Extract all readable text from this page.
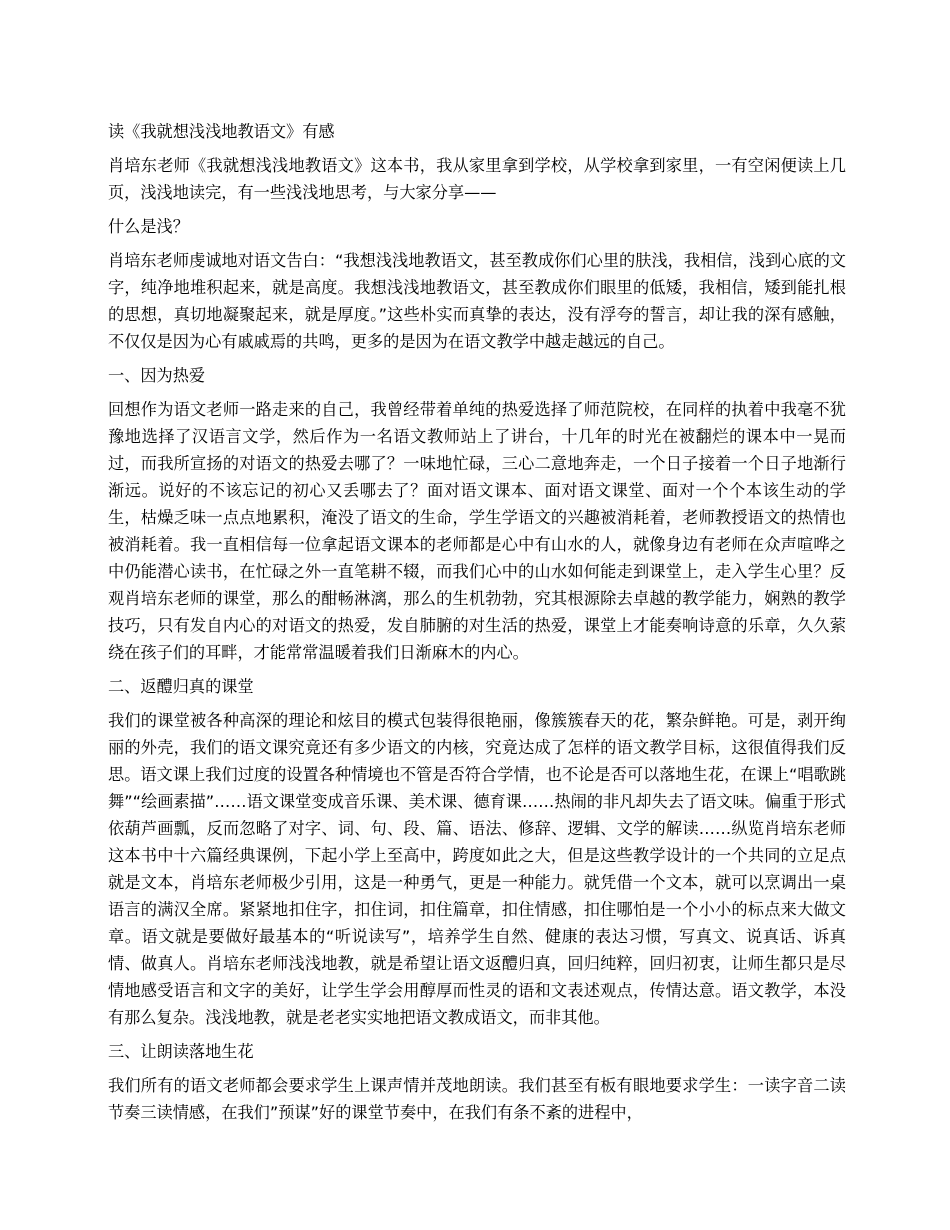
读《我就想浅浅地教语文》有感

肖培东老师《我就想浅浅地教语文》这本书，我从家里拿到学校，从学校拿到家里，一有空闲便读上几页，浅浅地读完，有一些浅浅地思考，与大家分享——

什么是浅？

肖培东老师虔诚地对语文告白：“我想浅浅地教语文，甚至教成你们心里的肤浅，我相信，浅到心底的文字，纯净地堆积起来，就是高度。我想浅浅地教语文，甚至教成你们眼里的低矮，我相信，矮到能扎根的思想，真切地凝聚起来，就是厚度。”这些朴实而真挚的表达，没有浮夸的誓言，却让我的深有感触，不仅仅是因为心有戚戚焉的共鸣，更多的是因为在语文教学中越走越远的自己。

一、因为热爱

回想作为语文老师一路走来的自己，我曾经带着单纯的热爱选择了师范院校，在同样的执着中我毫不犹豫地选择了汉语言文学，然后作为一名语文教师站上了讲台，十几年的时光在被翻烂的课本中一晃而过，而我所宣扬的对语文的热爱去哪了？一味地忙碌，三心二意地奔走，一个日子接着一个日子地渐行渐远。说好的不该忘记的初心又丢哪去了？面对语文课本、面对语文课堂、面对一个个本该生动的学生，枯燥乏味一点点地累积，淹没了语文的生命，学生学语文的兴趣被消耗着，老师教授语文的热情也被消耗着。我一直相信每一位拿起语文课本的老师都是心中有山水的人，就像身边有老师在众声喧哗之中仍能潜心读书，在忙碌之外一直笔耕不辍，而我们心中的山水如何能走到课堂上，走入学生心里？反观肖培东老师的课堂，那么的酣畅淋漓，那么的生机勃勃，究其根源除去卓越的教学能力，娴熟的教学技巧，只有发自内心的对语文的热爱，发自肺腑的对生活的热爱，课堂上才能奏响诗意的乐章，久久萦绕在孩子们的耳畔，才能常常温暖着我们日渐麻木的内心。

二、返醴归真的课堂

我们的课堂被各种高深的理论和炫目的模式包装得很艳丽，像簇簇春天的花，繁杂鲜艳。可是，剥开绚丽的外壳，我们的语文课究竟还有多少语文的内核，究竟达成了怎样的语文教学目标，这很值得我们反思。语文课上我们过度的设置各种情境也不管是否符合学情，也不论是否可以落地生花，在课上“唱歌跳舞”“绘画素描”……语文课堂变成音乐课、美术课、德育课……热闹的非凡却失去了语文味。偏重于形式依葫芦画瓢，反而忽略了对字、词、句、段、篇、语法、修辞、逻辑、文学的解读……纵览肖培东老师这本书中十六篇经典课例，下起小学上至高中，跨度如此之大，但是这些教学设计的一个共同的立足点就是文本，肖培东老师极少引用，这是一种勇气，更是一种能力。就凭借一个文本，就可以烹调出一桌语言的满汉全席。紧紧地扣住字，扣住词，扣住篇章，扣住情感，扣住哪怕是一个小小的标点来大做文章。语文就是要做好最基本的“听说读写”，培养学生自然、健康的表达习惯，写真文、说真话、诉真情、做真人。肖培东老师浅浅地教，就是希望让语文返醴归真，回归纯粹，回归初衷，让师生都只是尽情地感受语言和文字的美好，让学生学会用醇厚而性灵的语和文表述观点，传情达意。语文教学，本没有那么复杂。浅浅地教，就是老老实实地把语文教成语文，而非其他。

三、让朗读落地生花

我们所有的语文老师都会要求学生上课声情并茂地朗读。我们甚至有板有眼地要求学生：一读字音二读节奏三读情感，在我们”预谋”好的课堂节奏中，在我们有条不紊的进程中，
